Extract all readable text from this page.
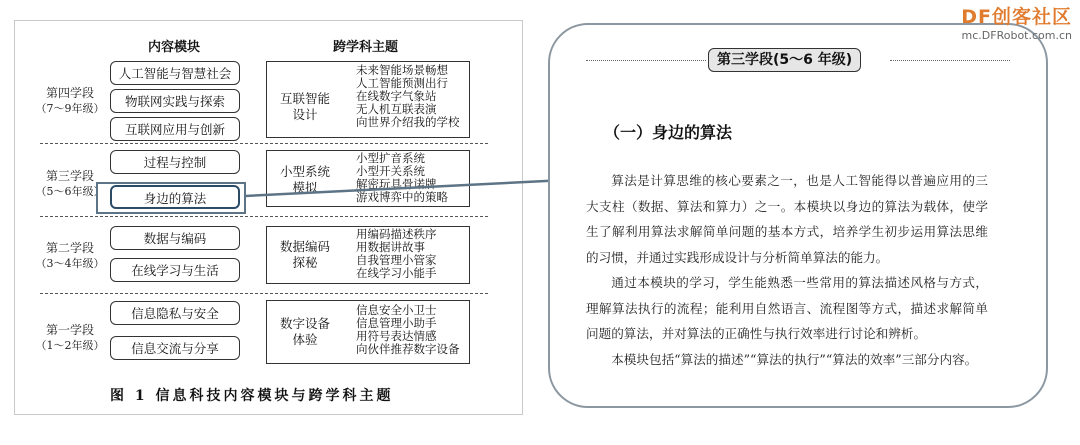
内容模块	跨学科主题
第四学段
（7～9年级）
人工智能与智慧社会
物联网实践与探索
互联网应用与创新
互联智能设计
未来智能场景畅想
人工智能预测出行
在线数字气象站
无人机互联表演
向世界介绍我的学校
第三学段
（5～6年级）
过程与控制
身边的算法
小型系统模拟
小型扩音系统
小型开关系统
解密玩具骨诺牌
游戏博弈中的策略
第二学段
（3～4年级）
数据与编码
在线学习与生活
数据编码探秘
用编码描述秩序
用数据讲故事
自我管理小管家
在线学习小能手
第一学段
（1～2年级）
信息隐私与安全
信息交流与分享
数字设备体验
信息安全小卫士
信息管理小助手
用符号表达情感
向伙伴推荐数字设备
图 1 信息科技内容模块与跨学科主题
第三学段(5～6 年级)
（一）身边的算法

算法是计算思维的核心要素之一，也是人工智能得以普遍应用的三大支柱（数据、算法和算力）之一。本模块以身边的算法为载体，使学生了解利用算法求解简单问题的基本方式，培养学生初步运用算法思维的习惯，并通过实践形成设计与分析简单算法的能力。

通过本模块的学习，学生能熟悉一些常用的算法描述风格与方式，理解算法执行的流程；能利用自然语言、流程图等方式，描述求解简单问题的算法，并对算法的正确性与执行效率进行讨论和辨析。

本模块包括“算法的描述”“算法的执行”“算法的效率”三部分内容。

DF创客社区
mc.DFRobot.com.cn
